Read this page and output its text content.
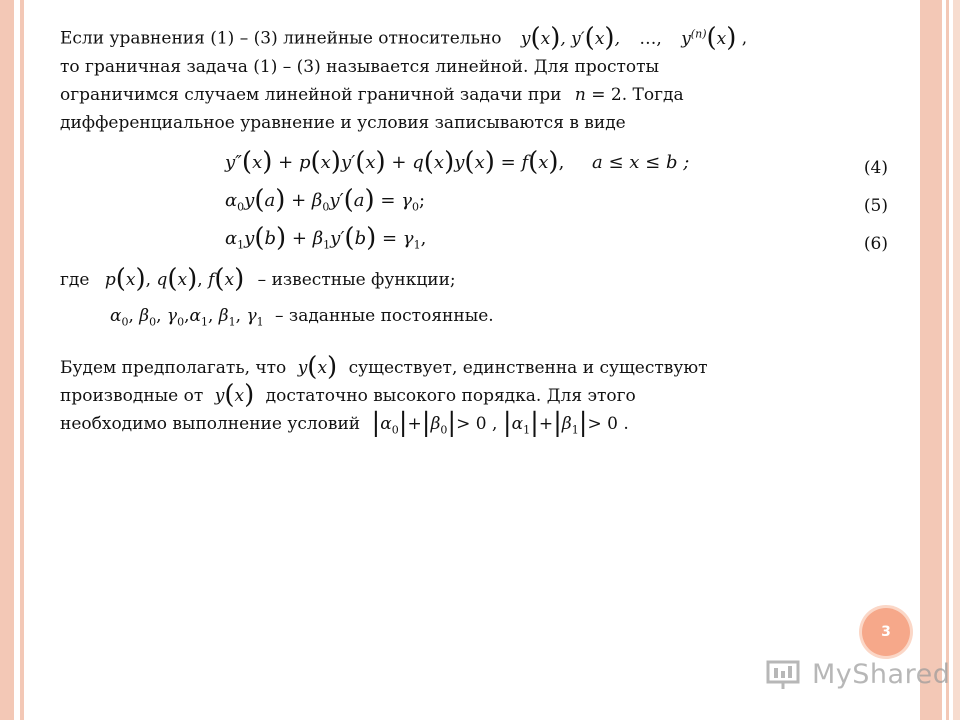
Если уравнения (1) – (3) линейные относительно y(x), y′(x), …, $y^{(n)}(x)$ ,

то граничная задача (1) – (3) называется линейной. Для простоты

ограничимся случаем линейной граничной задачи при n = 2. Тогда

дифференциальное уравнение и условия записываются в виде

y″(x) + p(x)y′(x) + q(x)y(x) = f(x), a ≤ x ≤ b ;	(4)
$\alpha_0y(a) + \beta_0y'(a) = \gamma_0$;	(5)
$\alpha_1y(b) + \beta_1y'(b) = \gamma_1$,	(6)

где p(x), q(x), f(x) – известные функции;

$\alpha_0$, $\beta_0$, $\gamma_0,\alpha_1$, $\beta_1$, $\gamma_1$ – заданные постоянные.

Будем предполагать, что y(x) существует, единственна и существуют

производные от y(x) достаточно высокого порядка. Для этого

необходимо выполнение условий $|\alpha_0|+|\beta_0|> 0$ , $|\alpha_1|+|\beta_1|> 0$ .

3
MyShared
